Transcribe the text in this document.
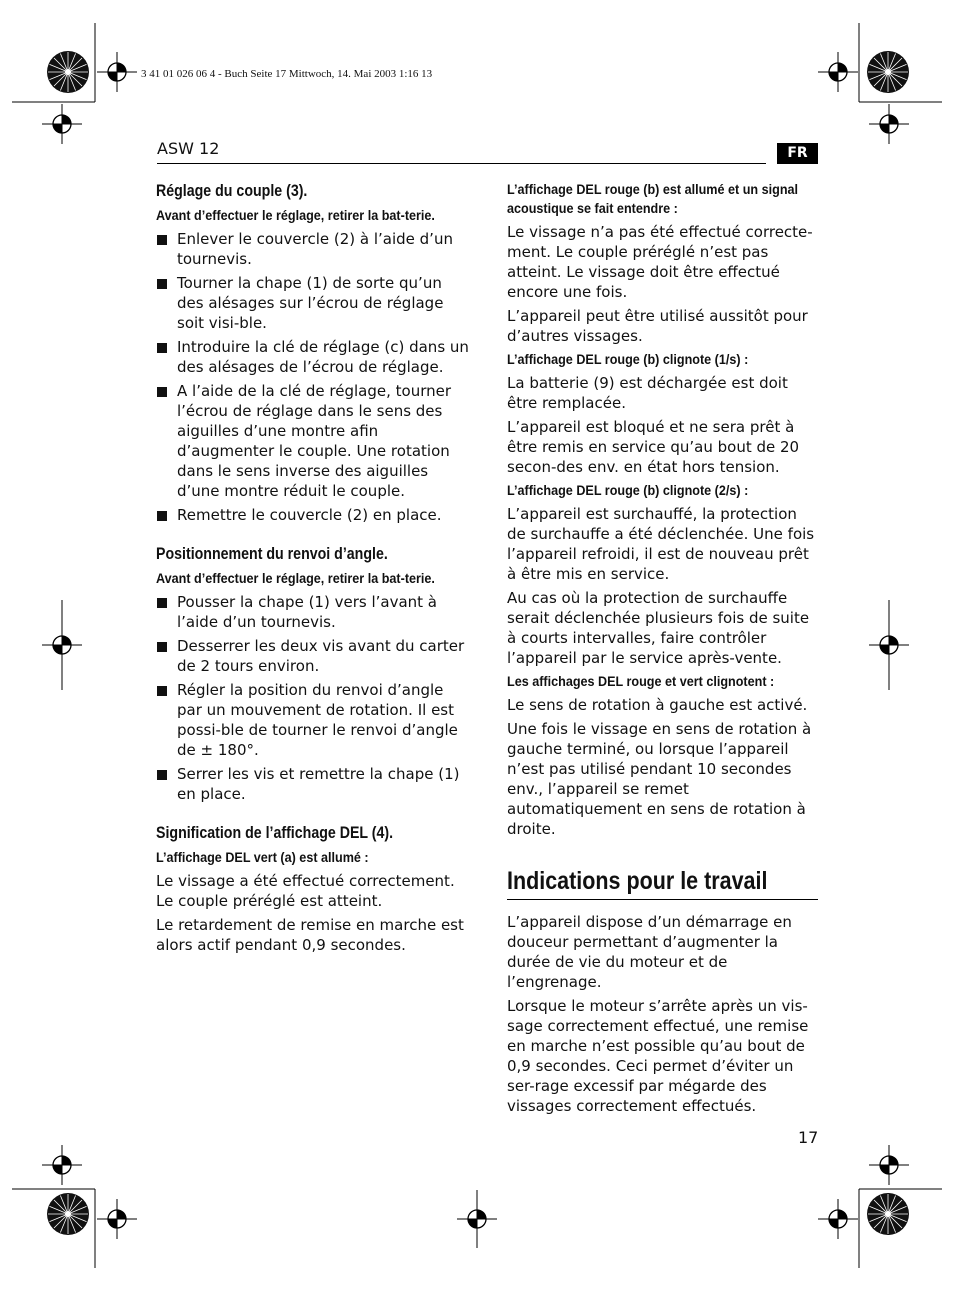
3 41 01 026 06 4 - Buch Seite 17 Mittwoch, 14. Mai 2003 1:16 13
ASW 12	FR
Réglage du couple (3).
Avant d’effectuer le réglage, retirer la bat-terie.
Enlever le couvercle (2) à l’aide d’un tournevis.
Tourner la chape (1) de sorte qu’un des alésages sur l’écrou de réglage soit visi-ble.
Introduire la clé de réglage (c) dans un des alésages de l’écrou de réglage.
A l’aide de la clé de réglage, tourner l’écrou de réglage dans le sens des aiguilles d’une montre afin d’augmenter le couple. Une rotation dans le sens inverse des aiguilles d’une montre réduit le couple.
Remettre le couvercle (2) en place.
Positionnement du renvoi d’angle.
Avant d’effectuer le réglage, retirer la bat-terie.
Pousser la chape (1) vers l’avant à l’aide d’un tournevis.
Desserrer les deux vis avant du carter de 2 tours environ.
Régler la position du renvoi d’angle par un mouvement de rotation. Il est possi-ble de tourner le renvoi d’angle de ± 180°.
Serrer les vis et remettre la chape (1) en place.
Signification de l’affichage DEL (4).
L’affichage DEL vert (a) est allumé :

Le vissage a été effectué correctement. Le couple préréglé est atteint.

Le retardement de remise en marche est alors actif pendant 0,9 secondes.

L’affichage DEL rouge (b) est allumé et un signal acoustique se fait entendre :

Le vissage n’a pas été effectué correcte-ment. Le couple préréglé n’est pas atteint. Le vissage doit être effectué encore une fois.

L’appareil peut être utilisé aussitôt pour d’autres vissages.

L’affichage DEL rouge (b) clignote (1/s) :

La batterie (9) est déchargée est doit être remplacée.

L’appareil est bloqué et ne sera prêt à être remis en service qu’au bout de 20 secon-des env. en état hors tension.

L’affichage DEL rouge (b) clignote (2/s) :

L’appareil est surchauffé, la protection de surchauffe a été déclenchée. Une fois l’appareil refroidi, il est de nouveau prêt à être mis en service.

Au cas où la protection de surchauffe serait déclenchée plusieurs fois de suite à courts intervalles, faire contrôler l’appareil par le service après-vente.

Les affichages DEL rouge et vert clignotent :

Le sens de rotation à gauche est activé.

Une fois le vissage en sens de rotation à gauche terminé, ou lorsque l’appareil n’est pas utilisé pendant 10 secondes env., l’appareil se remet automatiquement en sens de rotation à droite.

Indications pour le travail

L’appareil dispose d’un démarrage en douceur permettant d’augmenter la durée de vie du moteur et de l’engrenage.

Lorsque le moteur s’arrête après un vis-sage correctement effectué, une remise en marche n’est possible qu’au bout de 0,9 secondes. Ceci permet d’éviter un ser-rage excessif par mégarde des vissages correctement effectués.

17
